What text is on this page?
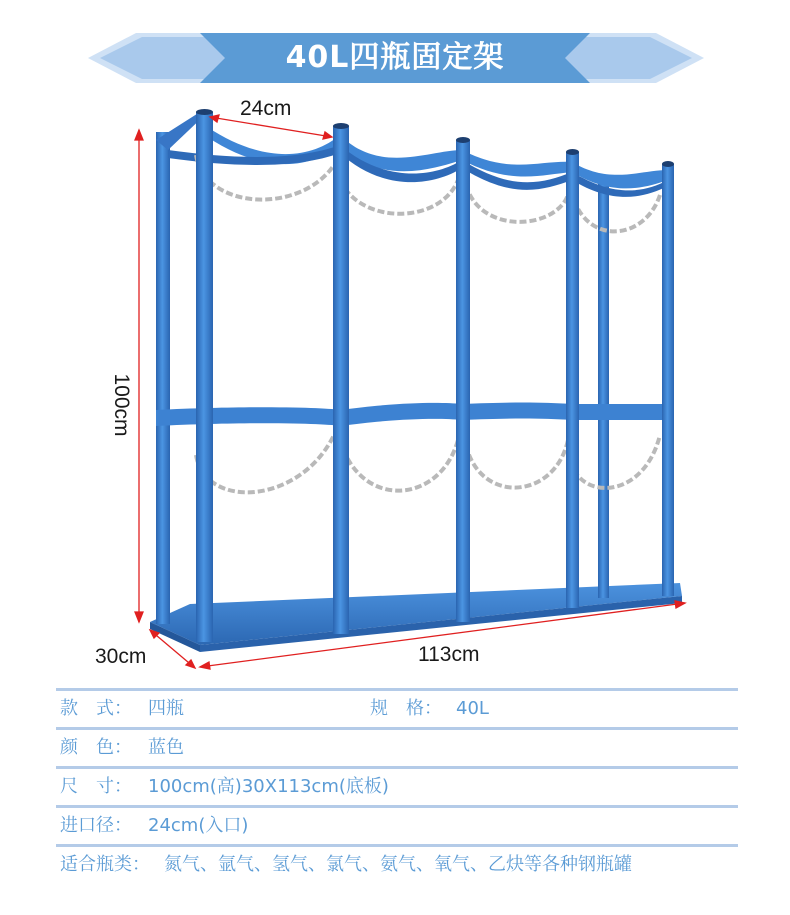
40L四瓶固定架
24cm
100cm
30cm	113cm
款　式： 四瓶	规　格： 40L
颜　色： 蓝色
尺　寸： 100cm(高)30X113cm(底板)
进口径： 24cm(入口)
适合瓶类： 氮气、氩气、氢气、氯气、氨气、氧气、乙炔等各种钢瓶罐
